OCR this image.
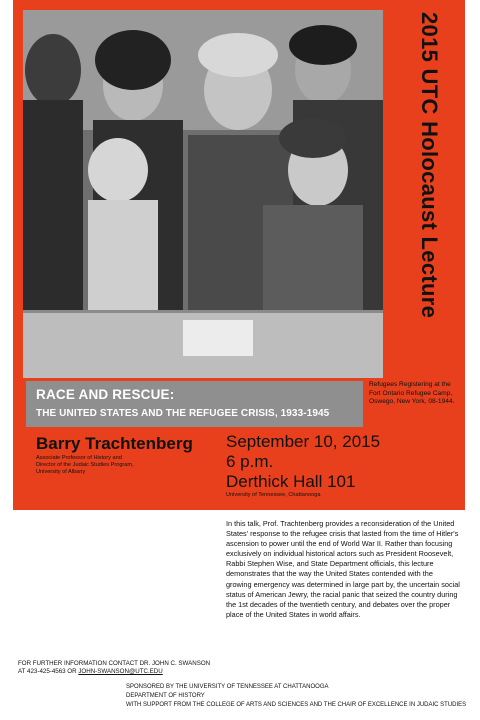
2015 UTC Holocaust Lecture
Refugees Registering at the
Fort Ontario Refugee Camp,
Oswego, New York, 08-1944.
RACE AND RESCUE:
THE UNITED STATES AND THE REFUGEE CRISIS, 1933-1945
Barry Trachtenberg
Associate Professor of History and
Director of the Judaic Studies Program,
University of Albany
September 10, 2015
6 p.m.
Derthick Hall 101
University of Tennessee, Chattanooga
In this talk, Prof. Trachtenberg provides a reconsideration of the United States' response to the refugee crisis that lasted from the time of Hitler's ascension to power until the end of World War II. Rather than focusing exclusively on individual historical actors such as President Roosevelt, Rabbi Stephen Wise, and State Department officials, this lecture demonstrates that the way the United States contended with the growing emergency was determined in large part by, the uncertain social status of American Jewry, the racial panic that seized the country during the 1st decades of the twentieth century, and debates over the proper place of the United States in world affairs.
FOR FURTHER INFORMATION CONTACT DR. JOHN C. SWANSON
AT 423-425-4563 OR JOHN-SWANSON@UTC.EDU
SPONSORED BY THE UNIVERSITY OF TENNESSEE AT CHATTANOOGA
DEPARTMENT OF HISTORY
WITH SUPPORT FROM THE COLLEGE OF ARTS AND SCIENCES AND THE CHAIR OF EXCELLENCE IN JUDAIC STUDIES
